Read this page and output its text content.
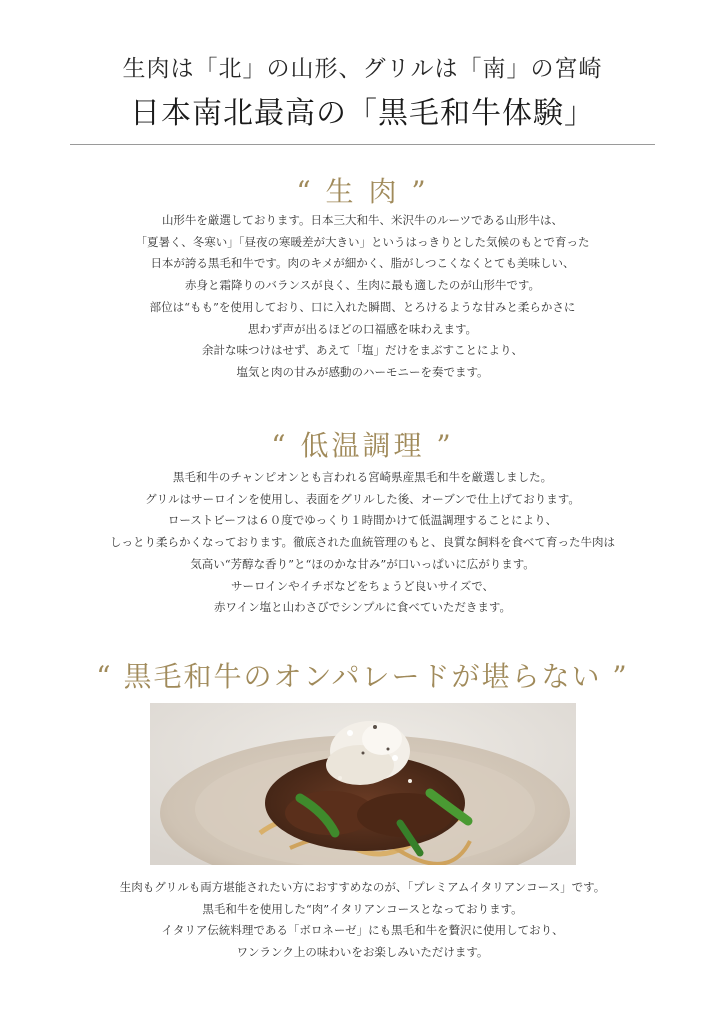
生肉は「北」の山形、グリルは「南」の宮崎
日本南北最高の「黒毛和牛体験」
“ 生 肉 ”
山形牛を厳選しております。日本三大和牛、米沢牛のルーツである山形牛は、
「夏暑く、冬寒い」「昼夜の寒暖差が大きい」というはっきりとした気候のもとで育った
日本が誇る黒毛和牛です。肉のキメが細かく、脂がしつこくなくとても美味しい、
赤身と霜降りのバランスが良く、生肉に最も適したのが山形牛です。
部位は“もも”を使用しており、口に入れた瞬間、とろけるような甘みと柔らかさに
思わず声が出るほどの口福感を味わえます。
余計な味つけはせず、あえて「塩」だけをまぶすことにより、
塩気と肉の甘みが感動のハーモニーを奏でます。
“ 低温調理 ”
黒毛和牛のチャンピオンとも言われる宮崎県産黒毛和牛を厳選しました。
グリルはサーロインを使用し、表面をグリルした後、オーブンで仕上げております。
ローストビーフは６０度でゆっくり１時間かけて低温調理することにより、
しっとり柔らかくなっております。徹底された血統管理のもと、良質な飼料を食べて育った牛肉は
気高い“芳醇な香り”と“ほのかな甘み”が口いっぱいに広がります。
サーロインやイチボなどをちょうど良いサイズで、
赤ワイン塩と山わさびでシンプルに食べていただきます。
“ 黒毛和牛のオンパレードが堪らない ”
生肉もグリルも両方堪能されたい方におすすめなのが、「プレミアムイタリアンコース」です。
黒毛和牛を使用した“肉”イタリアンコースとなっております。
イタリア伝統料理である「ボロネーゼ」にも黒毛和牛を贅沢に使用しており、
ワンランク上の味わいをお楽しみいただけます。
